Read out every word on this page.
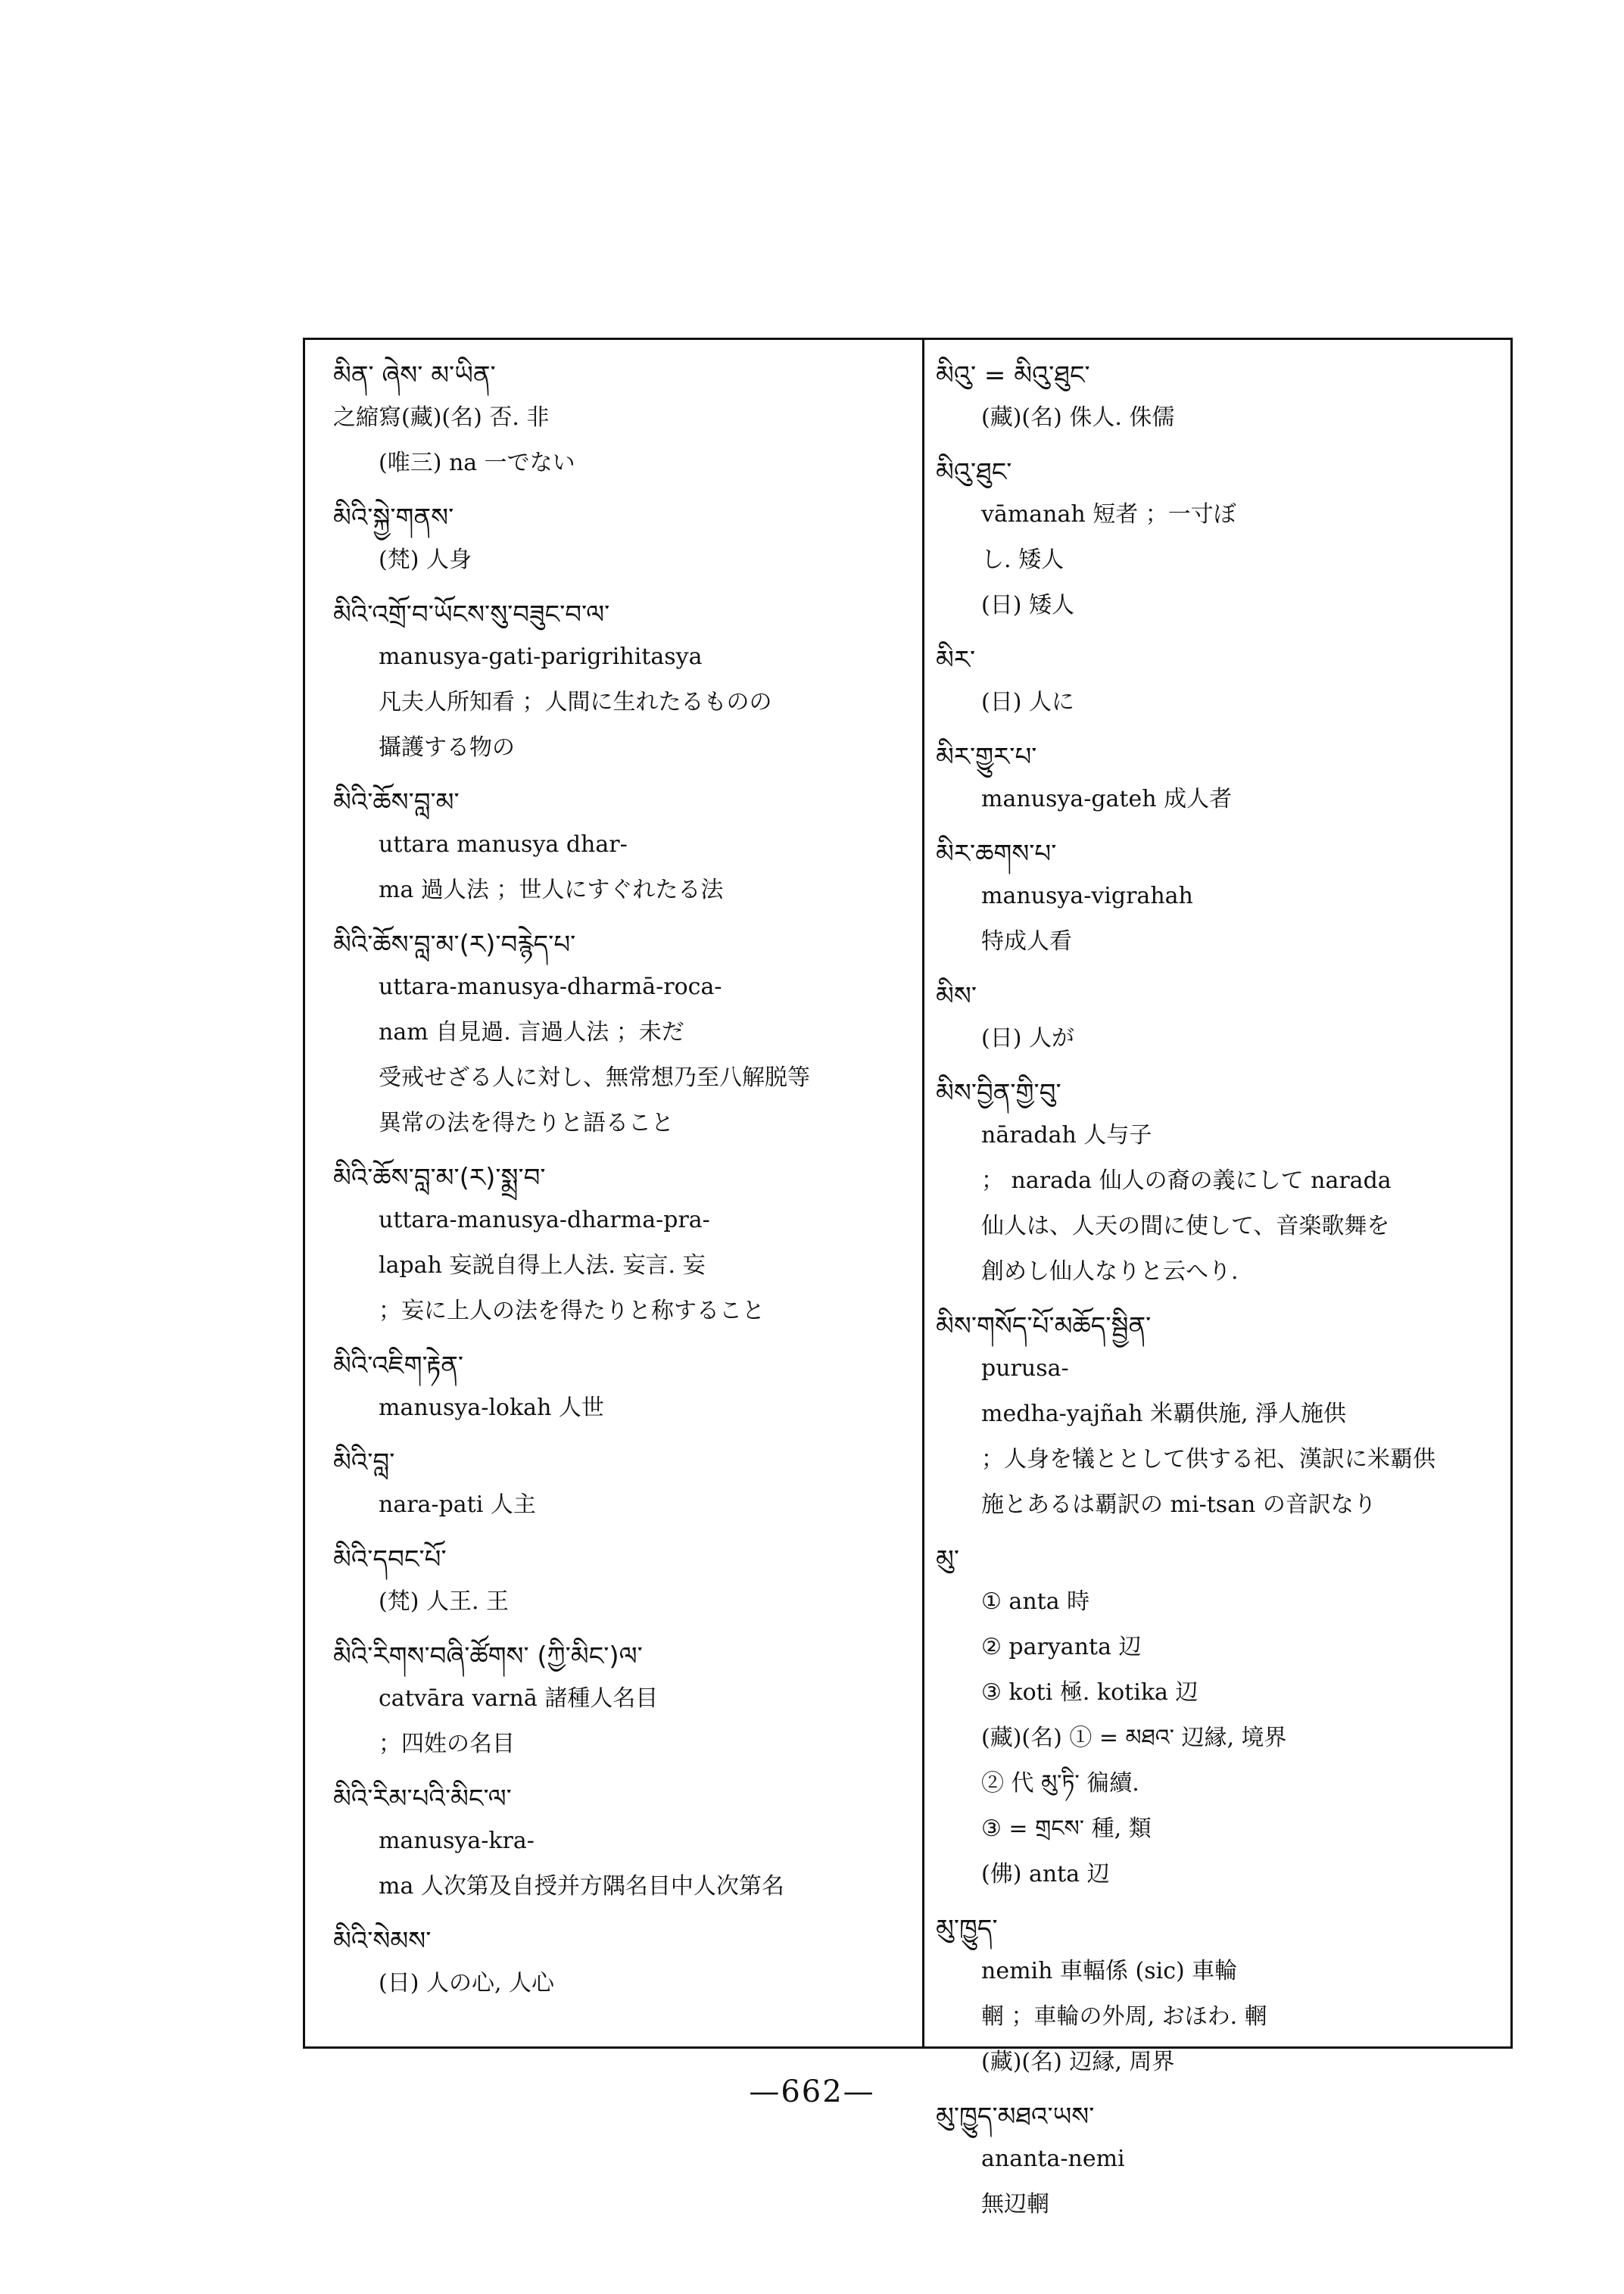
མིན་ ཞེས་ མ་ཡིན་
之縮寫(藏)(名) 否. 非
(唯三) na 一でない
མིའི་སྐྱེ་གནས་
(梵) 人身
མིའི་འགྲོ་བ་ཡོངས་སུ་བཟུང་བ་ལ་
manusya-gati-parigrihitasya
凡夫人所知看 ；人間に生れたるものの
攝護する物の
མིའི་ཆོས་བླ་མ་
uttara manusya dhar-
ma 過人法 ；世人にすぐれたる法
མིའི་ཆོས་བླ་མ་(ར)་བརྙེད་པ་
uttara-manusya-dharmā-roca-
nam 自見過. 言過人法 ；未だ
受戒せざる人に対し、無常想乃至八解脱等
異常の法を得たりと語ること
མིའི་ཆོས་བླ་མ་(ར)་སྨྲ་བ་
uttara-manusya-dharma-pra-
lapah 妄説自得上人法. 妄言. 妄
；妄に上人の法を得たりと称すること
མིའི་འཇིག་རྟེན་
manusya-lokah 人世
མིའི་བླ་
nara-pati 人主
མིའི་དབང་པོ་
(梵) 人王. 王
མིའི་རིགས་བཞི་ཚོགས་ (ཀྱི་མིང་)ལ་
catvāra varnā 諸種人名目
；四姓の名目
མིའི་རིམ་པའི་མིང་ལ་
manusya-kra-
ma 人次第及自授并方隅名目中人次第名
མིའི་སེམས་
(日) 人の心, 人心
མིའུ་ = མིའུ་ཐུང་
(藏)(名) 侏人. 侏儒
མིའུ་ཐུང་
vāmanah 短者 ；一寸ぼ
し. 矮人
(日) 矮人
མིར་
(日) 人に
མིར་གྱུར་པ་
manusya-gateh 成人者
མིར་ཆགས་པ་
manusya-vigrahah
特成人看
མིས་
(日) 人が
མིས་བྱིན་གྱི་བུ་
nāradah 人与子
； narada 仙人の裔の義にして narada
仙人は、人天の間に使して、音楽歌舞を
創めし仙人なりと云へり.
མིས་གསོད་པོ་མཆོད་སྦྱིན་
purusa-
medha-yajñah 米覇供施, 淨人施供
；人身を犠ととして供する祀、漢訳に米覇供
施とあるは覇訳の mi-tsan の音訳なり
མུ་
① anta 時
② paryanta 辺
③ koti 極. kotika 辺
(藏)(名) ① = མཐའ་ 辺縁, 境界
② 代 མུ་ཏི་ 徧續.
③ = གྲངས་ 種, 類
(佛) anta 辺
མུ་ཁྱུད་
nemih 車輻係 (sic) 車輪
輞 ；車輪の外周, おほわ. 輞
(藏)(名) 辺縁, 周界
མུ་ཁྱུད་མཐའ་ཡས་
ananta-nemi
無辺輞
—662—
